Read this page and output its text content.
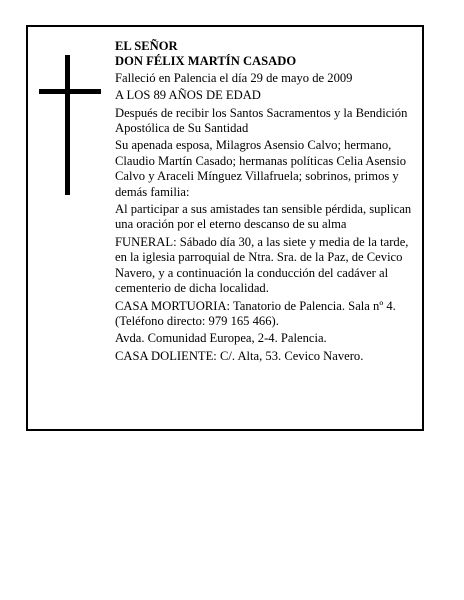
EL SEÑOR

DON FÉLIX MARTÍN CASADO

Falleció en Palencia el día 29 de mayo de 2009

A LOS 89 AÑOS DE EDAD

Después de recibir los Santos Sacramentos y la Bendición Apostólica de Su Santidad

Su apenada esposa, Milagros Asensio Calvo; hermano, Claudio Martín Casado; hermanas políticas Celia Asensio Calvo y Araceli Mínguez Villafruela; sobrinos, primos y demás familia:

Al participar a sus amistades tan sensible pérdida, suplican una oración por el eterno descanso de su alma

FUNERAL: Sábado día 30, a las siete y media de la tarde, en la iglesia parroquial de Ntra. Sra. de la Paz, de Cevico Navero, y a continuación la conducción del cadáver al cementerio de dicha localidad.

CASA MORTUORIA: Tanatorio de Palencia. Sala nº 4. (Teléfono directo: 979 165 466).

Avda. Comunidad Europea, 2-4. Palencia.

CASA DOLIENTE: C/. Alta, 53. Cevico Navero.
